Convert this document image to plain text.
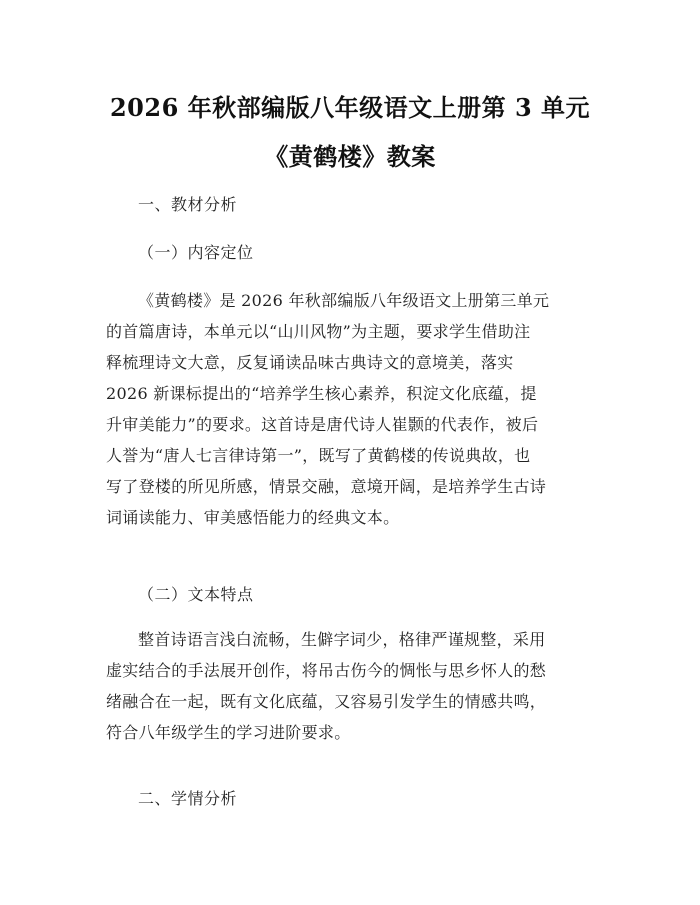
2026 年秋部编版八年级语文上册第 3 单元
《黄鹤楼》教案
一、教材分析
（一）内容定位
《黄鹤楼》是 2026 年秋部编版八年级语文上册第三单元
的首篇唐诗，本单元以“山川风物”为主题，要求学生借助注
释梳理诗文大意，反复诵读品味古典诗文的意境美，落实
2026 新课标提出的“培养学生核心素养，积淀文化底蕴，提
升审美能力”的要求。这首诗是唐代诗人崔颢的代表作，被后
人誉为“唐人七言律诗第一”，既写了黄鹤楼的传说典故，也
写了登楼的所见所感，情景交融，意境开阔，是培养学生古诗
词诵读能力、审美感悟能力的经典文本。
（二）文本特点
整首诗语言浅白流畅，生僻字词少，格律严谨规整，采用
虚实结合的手法展开创作，将吊古伤今的惆怅与思乡怀人的愁
绪融合在一起，既有文化底蕴，又容易引发学生的情感共鸣，
符合八年级学生的学习进阶要求。
二、学情分析
